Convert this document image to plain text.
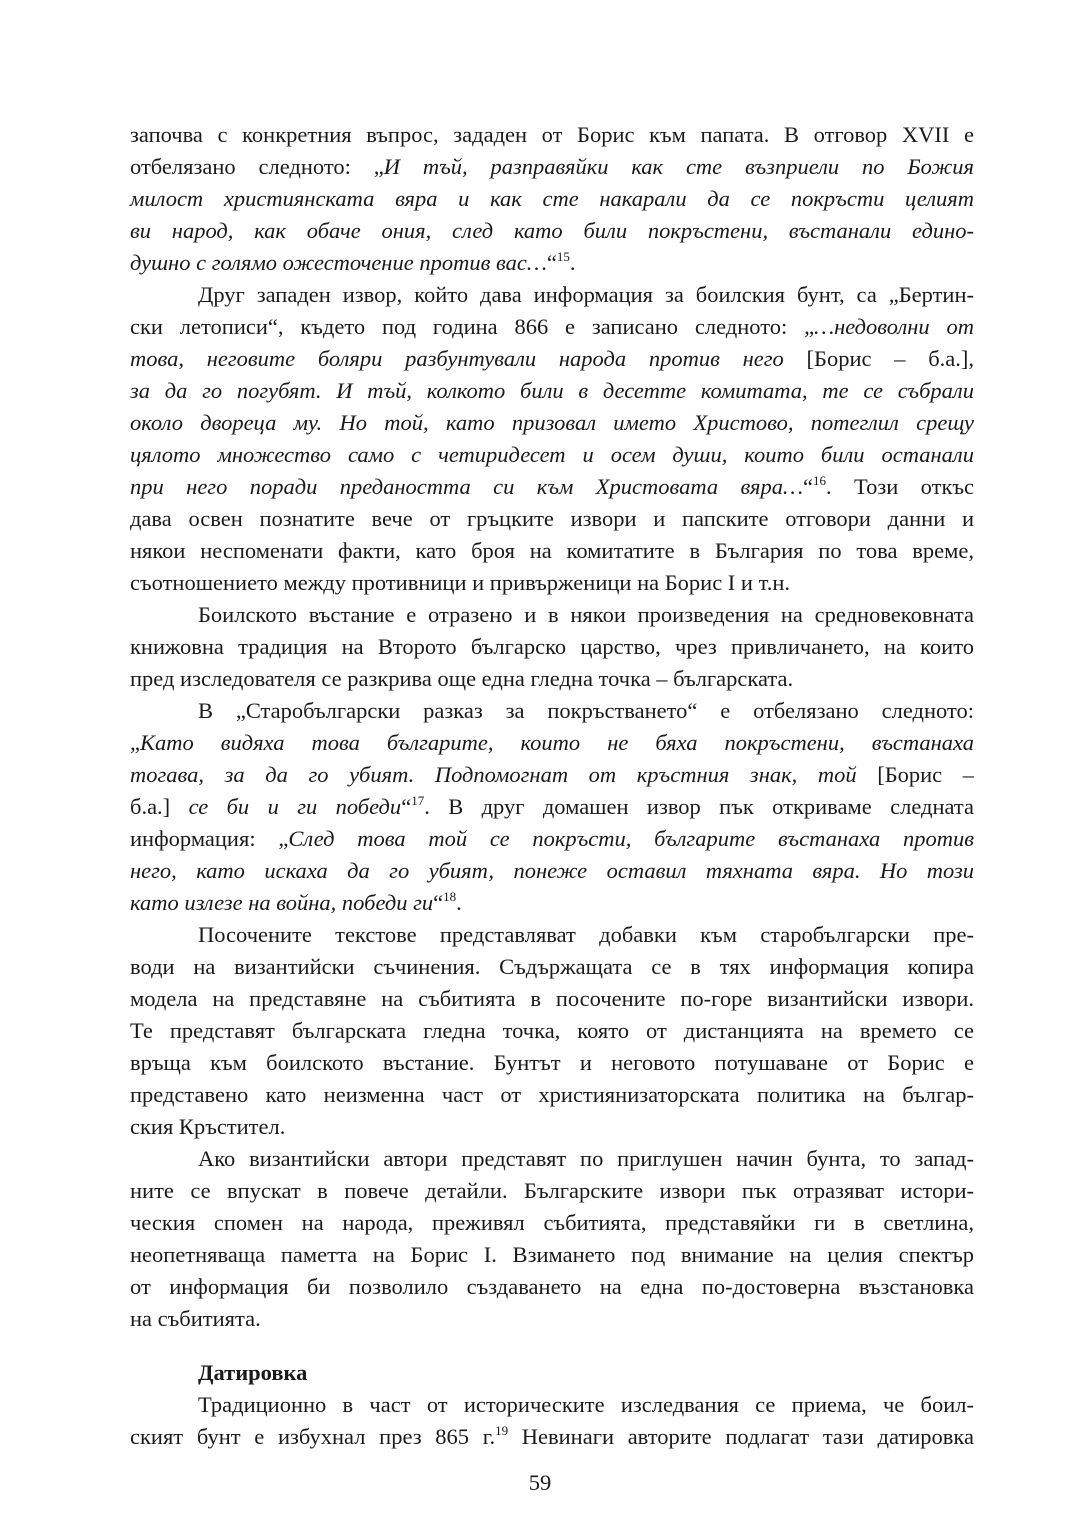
започва с конкретния въпрос, зададен от Борис към папата. В отговор XVII е
отбелязано следното: „И тъй, разправяйки как сте възприели по Божия
милост християнската вяра и как сте накарали да се покръсти целият
ви народ, как обаче ония, след като били покръстени, въстанали едино-
душно с голямо ожесточение против вас…“$^{15}$.
Друг западен извор, който дава информация за боилския бунт, са „Бертин-
ски летописи“, където под година 866 е записано следното: „…недоволни от
това, неговите боляри разбунтували народа против него [Борис – б.а.],
за да го погубят. И тъй, колкото били в десетте комитата, те се събрали
около двореца му. Но той, като призовал името Христово, потеглил срещу
цялото множество само с четиридесет и осем души, които били останали
при него поради предаността си към Христовата вяра…“$^{16}$. Този откъс
дава освен познатите вече от гръцките извори и папските отговори данни и
някои неспоменати факти, като броя на комитатите в България по това време,
съотношението между противници и привърженици на Борис I и т.н.
Боилското въстание е отразено и в някои произведения на средновековната
книжовна традиция на Второто българско царство, чрез привличането, на които
пред изследователя се разкрива още една гледна точка – българската.
В „Старобългарски разказ за покръстването“ е отбелязано следното:
„Като видяха това българите, които не бяха покръстени, въстанаха
тогава, за да го убият. Подпомогнат от кръстния знак, той [Борис –
б.а.] се би и ги победи“$^{17}$. В друг домашен извор пък откриваме следната
информация: „След това той се покръсти, българите въстанаха против
него, като искаха да го убият, понеже оставил тяхната вяра. Но този
като излезе на война, победи ги“$^{18}$.
Посочените текстове представляват добавки към старобългарски пре-
води на византийски съчинения. Съдържащата се в тях информация копира
модела на представяне на събитията в посочените по-горе византийски извори.
Те представят българската гледна точка, която от дистанцията на времето се
връща към боилското въстание. Бунтът и неговото потушаване от Борис е
представено като неизменна част от християнизаторската политика на българ-
ския Кръстител.
Ако византийски автори представят по приглушен начин бунта, то запад-
ните се впускат в повече детайли. Българските извори пък отразяват истори-
ческия спомен на народа, преживял събитията, представяйки ги в светлина,
неопетняваща паметта на Борис I. Взимането под внимание на целия спектър
от информация би позволило създаването на една по-достоверна възстановка
на събитията.
Датировка
Традиционно в част от историческите изследвания се приема, че боил-
ският бунт е избухнал през 865 г.$^{19}$ Невинаги авторите подлагат тази датировка
59
